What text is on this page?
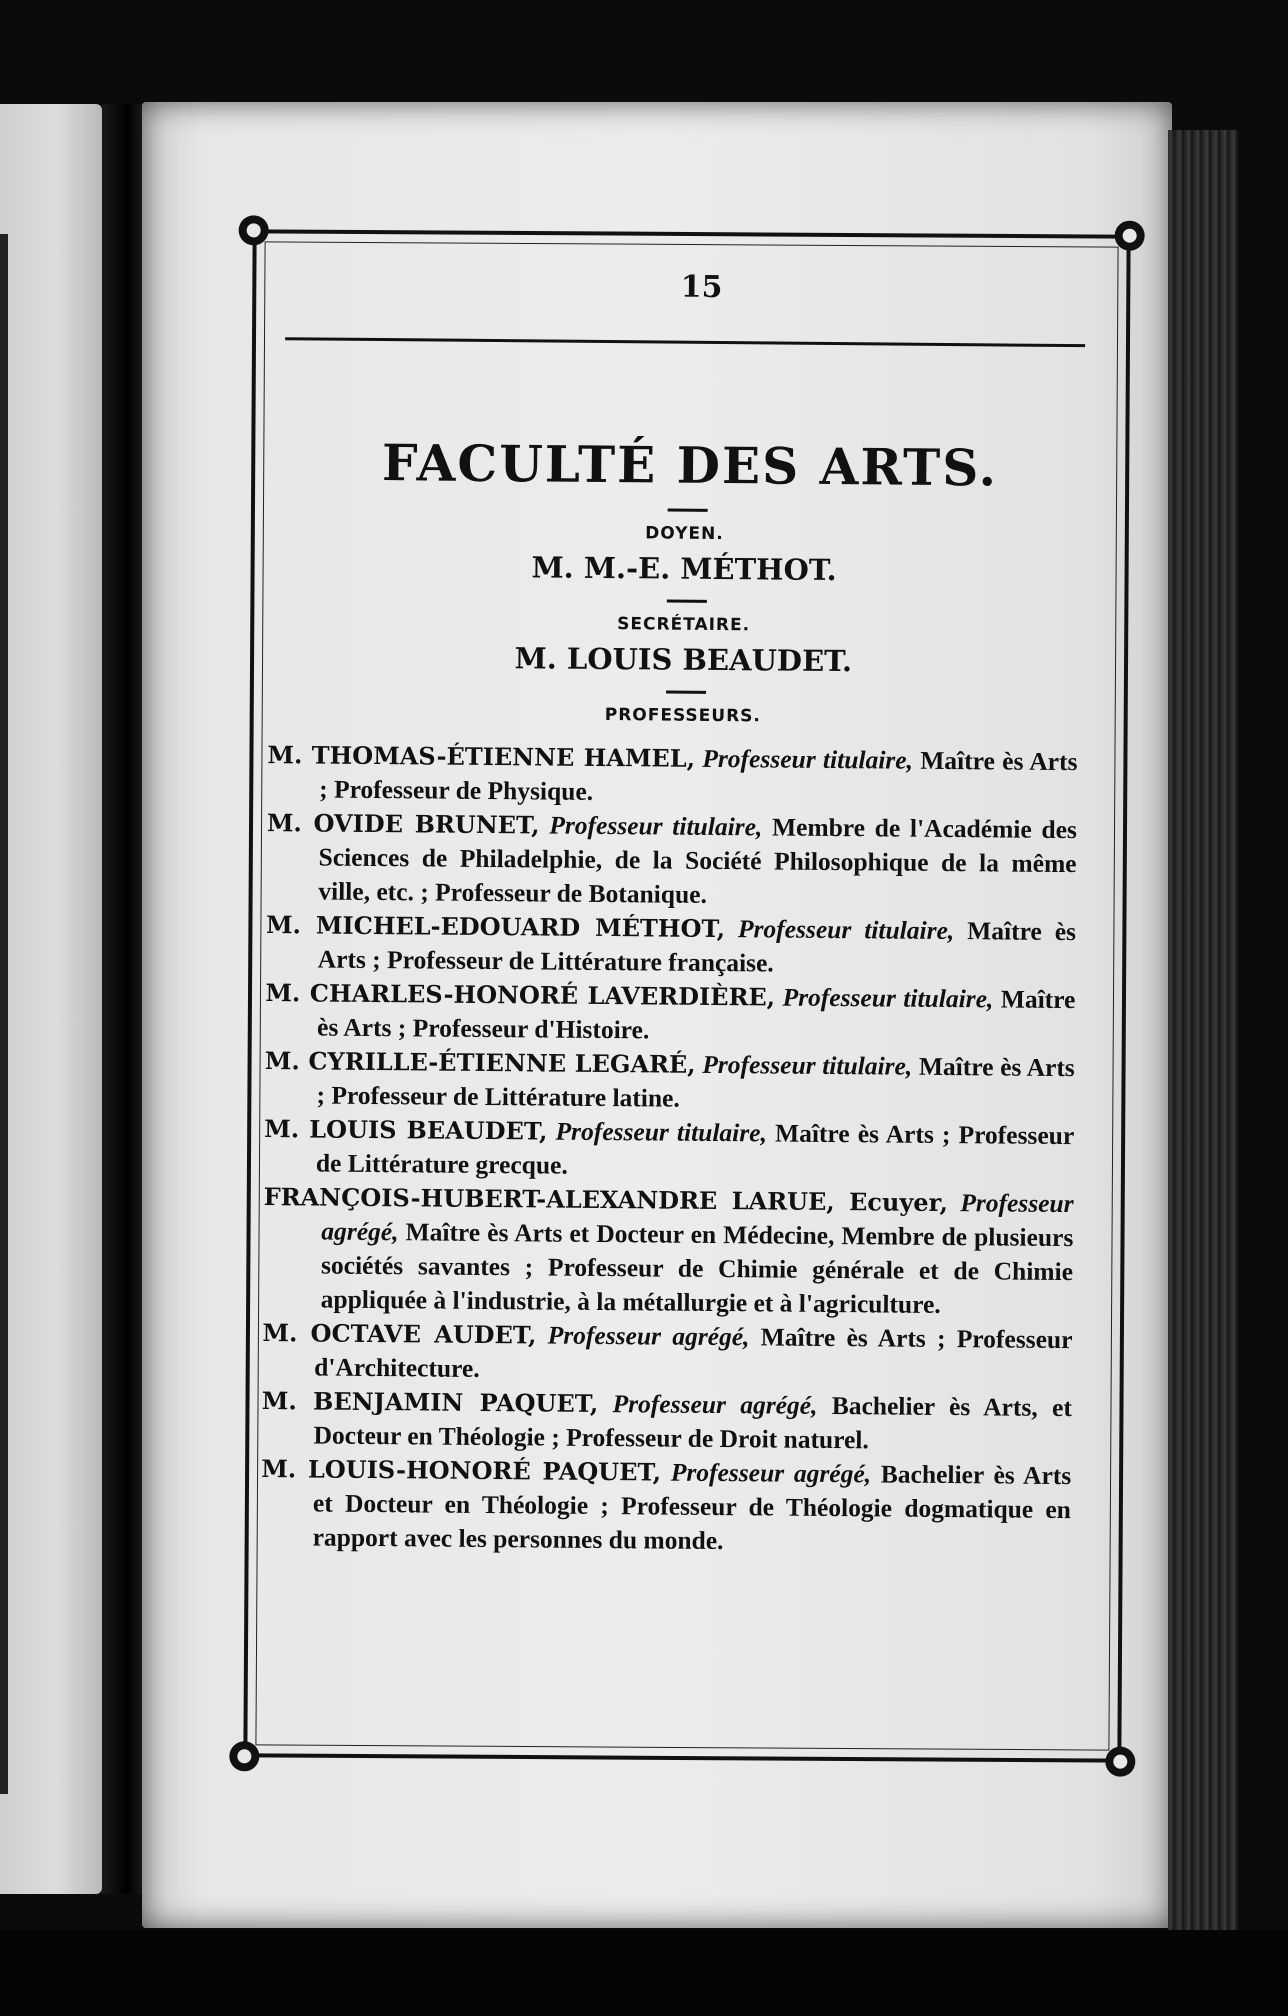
15
FACULTÉ DES ARTS.
DOYEN.
M. M.-E. MÉTHOT.
SECRÉTAIRE.
M. LOUIS BEAUDET.
PROFESSEURS.

M. THOMAS-ÉTIENNE HAMEL, Professeur titulaire, Maître ès Arts ; Professeur de Physique.

M. OVIDE BRUNET, Professeur titulaire, Membre de l'Académie des Sciences de Philadelphie, de la Société Philosophique de la même ville, etc. ; Professeur de Botanique.

M. MICHEL-EDOUARD MÉTHOT, Professeur titulaire, Maître ès Arts ; Professeur de Littérature française.

M. CHARLES-HONORÉ LAVERDIÈRE, Professeur titulaire, Maître ès Arts ; Professeur d'Histoire.

M. CYRILLE-ÉTIENNE LEGARÉ, Professeur titulaire, Maître ès Arts ; Professeur de Littérature latine.

M. LOUIS BEAUDET, Professeur titulaire, Maître ès Arts ; Professeur de Littérature grecque.

FRANÇOIS-HUBERT-ALEXANDRE LARUE, Ecuyer, Professeur agrégé, Maître ès Arts et Docteur en Médecine, Membre de plusieurs sociétés savantes ; Professeur de Chimie générale et de Chimie appliquée à l'industrie, à la métallurgie et à l'agriculture.

M. OCTAVE AUDET, Professeur agrégé, Maître ès Arts ; Professeur d'Architecture.

M. BENJAMIN PAQUET, Professeur agrégé, Bachelier ès Arts, et Docteur en Théologie ; Professeur de Droit naturel.

M. LOUIS-HONORÉ PAQUET, Professeur agrégé, Bachelier ès Arts et Docteur en Théologie ; Professeur de Théologie dogmatique en rapport avec les personnes du monde.
